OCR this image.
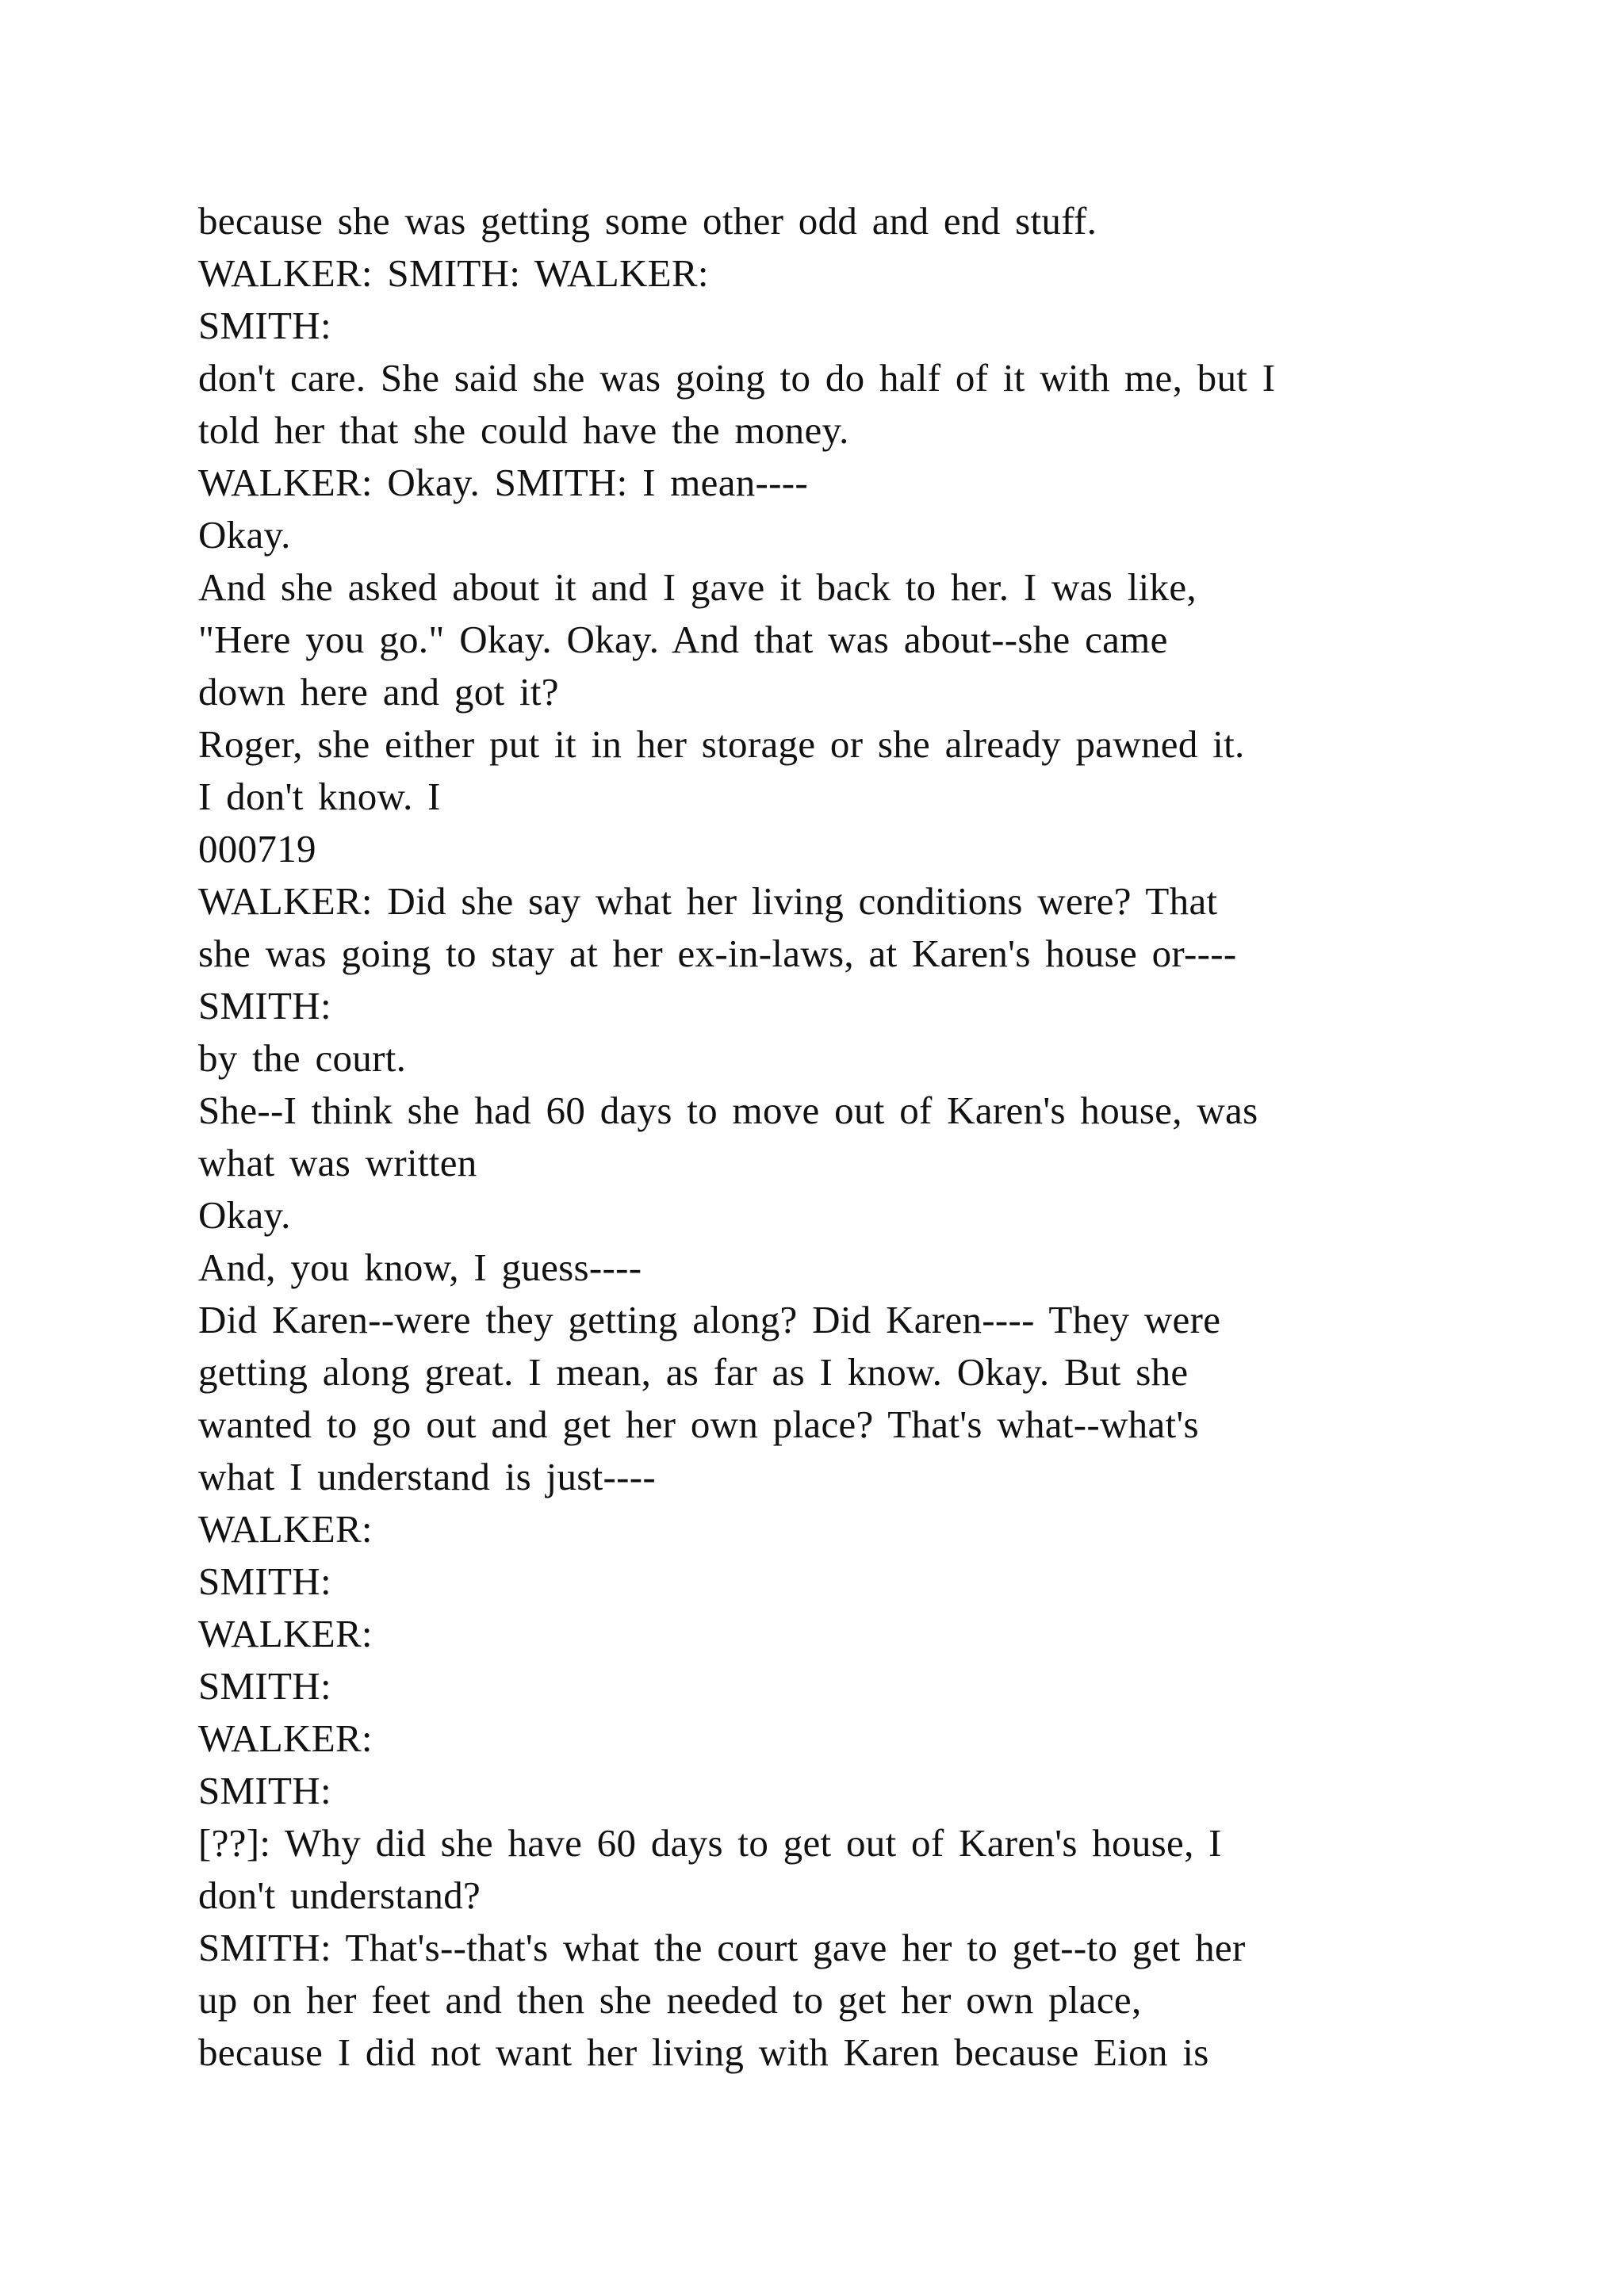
because she was getting some other odd and end stuff.
WALKER: SMITH: WALKER:
SMITH:
don't care. She said she was going to do half of it with me, but I
told her that she could have the money.
WALKER: Okay. SMITH: I mean----
Okay.
And she asked about it and I gave it back to her. I was like,
"Here you go." Okay. Okay. And that was about--she came
down here and got it?
Roger, she either put it in her storage or she already pawned it.
I don't know. I
000719
WALKER: Did she say what her living conditions were? That
she was going to stay at her ex-in-laws, at Karen's house or----
SMITH:
by the court.
She--I think she had 60 days to move out of Karen's house, was
what was written
Okay.
And, you know, I guess----
Did Karen--were they getting along? Did Karen---- They were
getting along great. I mean, as far as I know. Okay. But she
wanted to go out and get her own place? That's what--what's
what I understand is just----
WALKER:
SMITH:
WALKER:
SMITH:
WALKER:
SMITH:
[??]: Why did she have 60 days to get out of Karen's house, I
don't understand?
SMITH: That's--that's what the court gave her to get--to get her
up on her feet and then she needed to get her own place,
because I did not want her living with Karen because Eion is
